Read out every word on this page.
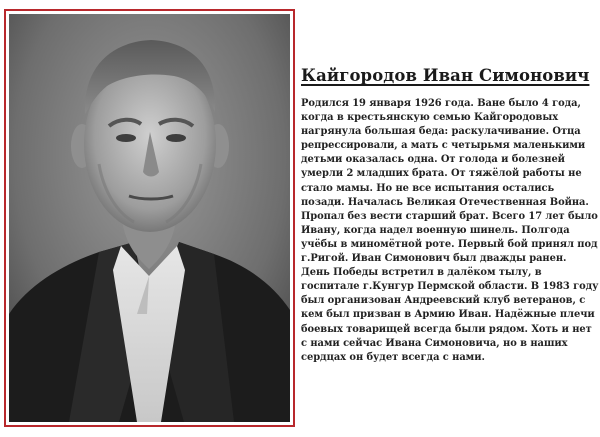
Кайгородов Иван Симонович

Родился 19 января 1926 года. Ване было 4 года,
когда в крестьянскую семью Кайгородовых
нагрянула большая беда: раскулачивание. Отца
репрессировали, а мать с четырьмя маленькими
детьми оказалась одна. От голода и болезней
умерли 2 младших брата. От тяжёлой работы не
стало мамы. Но не все испытания остались
позади. Началась Великая Отечественная Война.
Пропал без вести старший брат. Всего 17 лет было
Ивану, когда надел военную шинель. Полгода
учёбы в миномётной роте. Первый бой принял под
г.Ригой. Иван Симонович был дважды ранен.
День Победы встретил в далёком тылу, в
госпитале г.Кунгур Пермской области. В 1983 году
был организован Андреевский клуб ветеранов, с
кем был призван в Армию Иван. Надёжные плечи
боевых товарищей всегда были рядом. Хоть и нет
с нами сейчас Ивана Симоновича, но в наших
сердцах он будет всегда с нами.
